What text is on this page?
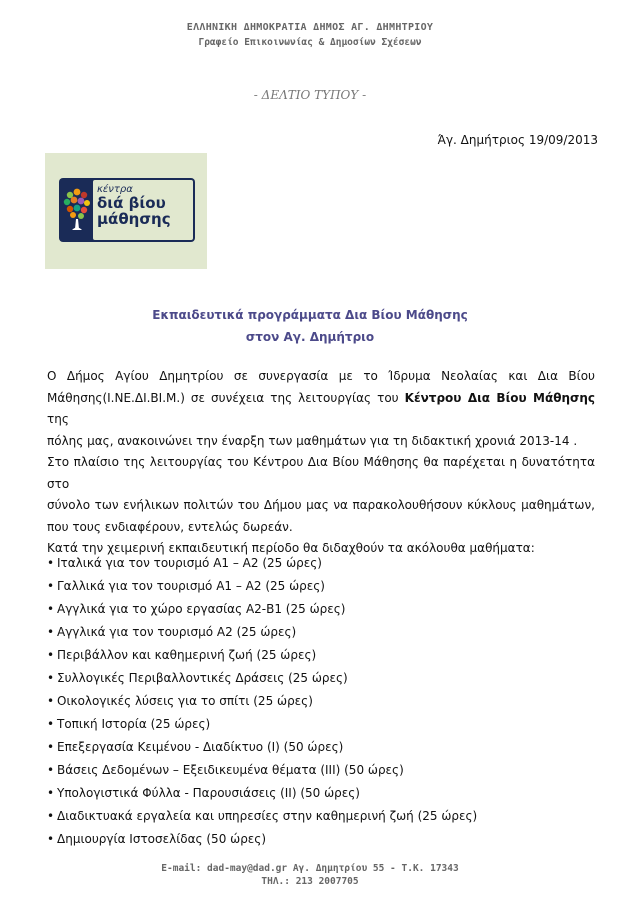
ΕΛΛΗΝΙΚΗ ΔΗΜΟΚΡΑΤΙΑ ΔΗΜΟΣ ΑΓ. ΔΗΜΗΤΡΙΟΥ
Γραφείο Επικοινωνίας & Δημοσίων Σχέσεων
- ΔΕΛΤΙΟ ΤΥΠΟΥ -
Άγ. Δημήτριος 19/09/2013
κέντρα
διά βίου
μάθησης
Εκπαιδευτικά προγράμματα Δια Βίου Μάθησης
στον Αγ. Δημήτριο

Ο Δήμος Αγίου Δημητρίου σε συνεργασία με το Ίδρυμα Νεολαίας και Δια Βίου

Μάθησης(Ι.ΝΕ.ΔΙ.ΒΙ.Μ.) σε συνέχεια της λειτουργίας του Κέντρου Δια Βίου Μάθησης της

πόλης μας, ανακοινώνει την έναρξη των μαθημάτων για τη διδακτική χρονιά 2013-14 .

Στο πλαίσιο της λειτουργίας του Κέντρου Δια Βίου Μάθησης θα παρέχεται η δυνατότητα στο

σύνολο των ενήλικων πολιτών του Δήμου μας να παρακολουθήσουν κύκλους μαθημάτων,

που τους ενδιαφέρουν, εντελώς δωρεάν.

Κατά την χειμερινή εκπαιδευτική περίοδο θα διδαχθούν τα ακόλουθα μαθήματα:

• Ιταλικά για τον τουρισμό Α1 – Α2 (25 ώρες)
• Γαλλικά για τον τουρισμό Α1 – Α2 (25 ώρες)
• Αγγλικά για το χώρο εργασίας Α2-Β1 (25 ώρες)
• Αγγλικά για τον τουρισμό Α2 (25 ώρες)
• Περιβάλλον και καθημερινή ζωή (25 ώρες)
• Συλλογικές Περιβαλλοντικές Δράσεις (25 ώρες)
• Οικολογικές λύσεις για το σπίτι (25 ώρες)
• Τοπική Ιστορία (25 ώρες)
• Επεξεργασία Κειμένου - Διαδίκτυο (Ι) (50 ώρες)
• Βάσεις Δεδομένων – Εξειδικευμένα θέματα (ΙΙΙ) (50 ώρες)
• Υπολογιστικά Φύλλα - Παρουσιάσεις (ΙΙ) (50 ώρες)
• Διαδικτυακά εργαλεία και υπηρεσίες στην καθημερινή ζωή (25 ώρες)
• Δημιουργία Ιστοσελίδας (50 ώρες)
E-mail: dad-may@dad.gr Αγ. Δημητρίου 55 - Τ.Κ. 17343
ΤΗΛ.: 213 2007705
